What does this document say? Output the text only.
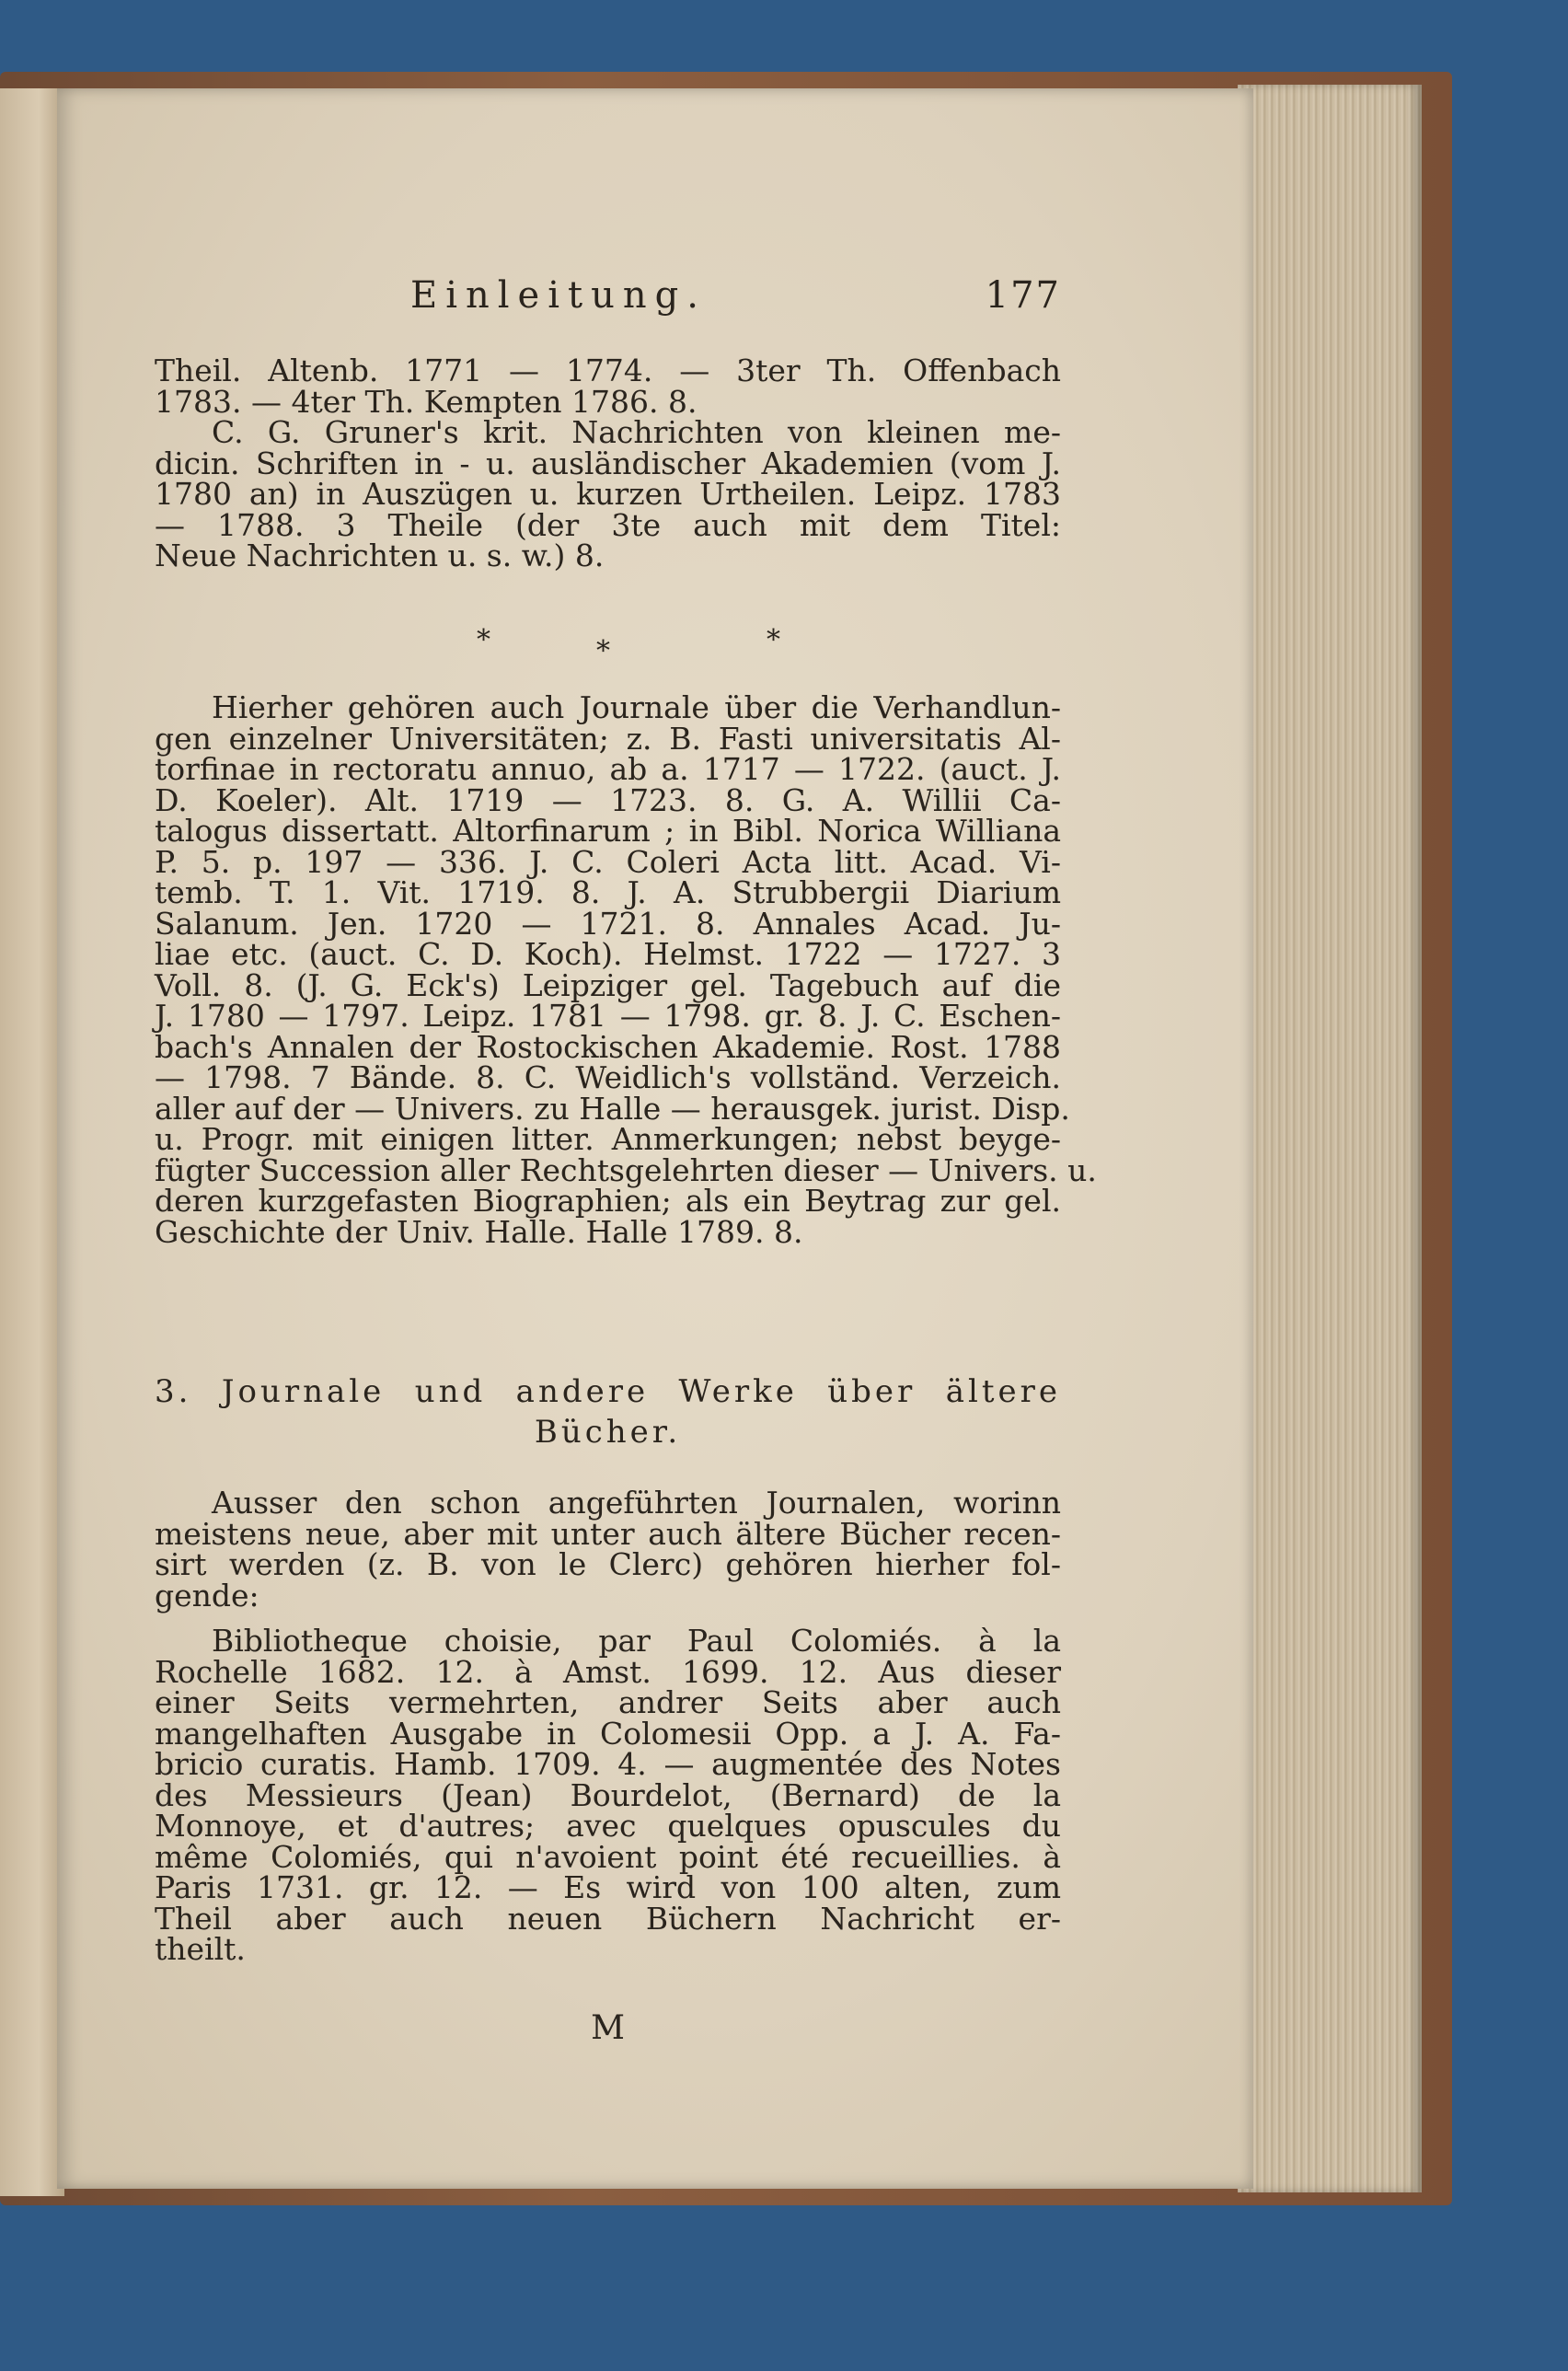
Einleitung.	177
Theil. Altenb. 1771 — 1774. — 3ter Th. Offenbach
1783. — 4ter Th. Kempten 1786. 8.
C. G. Gruner's krit. Nachrichten von kleinen me-
dicin. Schriften in - u. ausländischer Akademien (vom J.
1780 an) in Auszügen u. kurzen Urtheilen. Leipz. 1783
— 1788. 3 Theile (der 3te auch mit dem Titel:
Neue Nachrichten u. s. w.) 8.
*	*	*
Hierher gehören auch Journale über die Verhandlun-
gen einzelner Universitäten; z. B. Fasti universitatis Al-
torfinae in rectoratu annuo, ab a. 1717 — 1722. (auct. J.
D. Koeler). Alt. 1719 — 1723. 8. G. A. Willii Ca-
talogus dissertatt. Altorfinarum ; in Bibl. Norica Williana
P. 5. p. 197 — 336. J. C. Coleri Acta litt. Acad. Vi-
temb. T. 1. Vit. 1719. 8. J. A. Strubbergii Diarium
Salanum. Jen. 1720 — 1721. 8. Annales Acad. Ju-
liae etc. (auct. C. D. Koch). Helmst. 1722 — 1727. 3
Voll. 8. (J. G. Eck's) Leipziger gel. Tagebuch auf die
J. 1780 — 1797. Leipz. 1781 — 1798. gr. 8. J. C. Eschen-
bach's Annalen der Rostockischen Akademie. Rost. 1788
— 1798. 7 Bände. 8. C. Weidlich's vollständ. Verzeich.
aller auf der — Univers. zu Halle — herausgek. jurist. Disp.
u. Progr. mit einigen litter. Anmerkungen; nebst beyge-
fügter Succession aller Rechtsgelehrten dieser — Univers. u.
deren kurzgefasten Biographien; als ein Beytrag zur gel.
Geschichte der Univ. Halle. Halle 1789. 8.
3. Journale und andere Werke über ältere
Bücher.
Ausser den schon angeführten Journalen, worinn
meistens neue, aber mit unter auch ältere Bücher recen-
sirt werden (z. B. von le Clerc) gehören hierher fol-
gende:
Bibliotheque choisie, par Paul Colomiés. à la
Rochelle 1682. 12. à Amst. 1699. 12. Aus dieser
einer Seits vermehrten, andrer Seits aber auch
mangelhaften Ausgabe in Colomesii Opp. a J. A. Fa-
bricio curatis. Hamb. 1709. 4. — augmentée des Notes
des Messieurs (Jean) Bourdelot, (Bernard) de la
Monnoye, et d'autres; avec quelques opuscules du
même Colomiés, qui n'avoient point été recueillies. à
Paris 1731. gr. 12. — Es wird von 100 alten, zum
Theil aber auch neuen Büchern Nachricht er-
theilt.
M
